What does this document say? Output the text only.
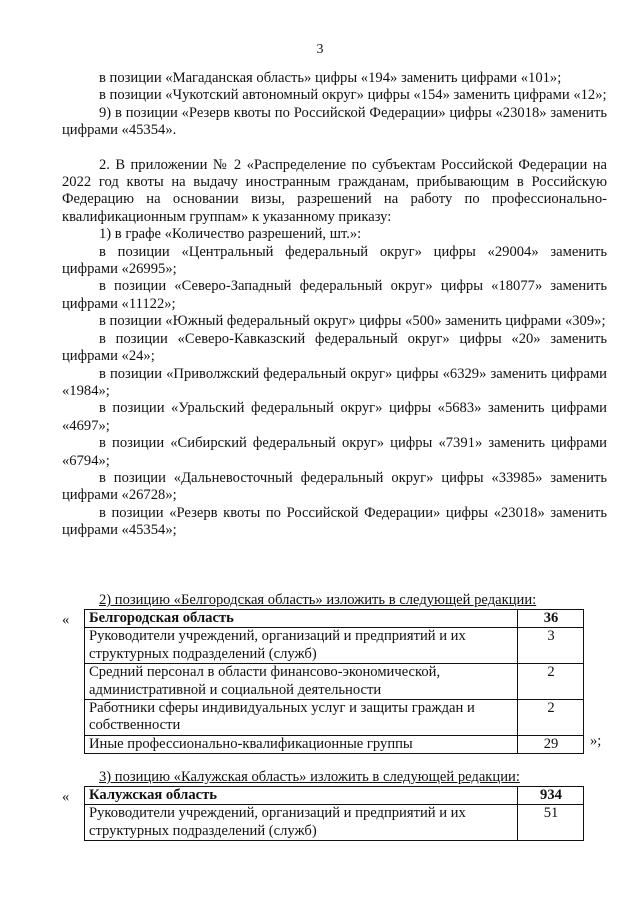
3

в позиции «Магаданская область» цифры «194» заменить цифрами «101»;

в позиции «Чукотский автономный округ» цифры «154» заменить цифрами «12»;

9) в позиции «Резерв квоты по Российской Федерации» цифры «23018» заменить цифрами «45354».

2. В приложении № 2 «Распределение по субъектам Российской Федерации на 2022 год квоты на выдачу иностранным гражданам, прибывающим в Российскую Федерацию на основании визы, разрешений на работу по профессионально-квалификационным группам» к указанному приказу:

1) в графе «Количество разрешений, шт.»:

в позиции «Центральный федеральный округ» цифры «29004» заменить цифрами «26995»;

в позиции «Северо-Западный федеральный округ» цифры «18077» заменить цифрами «11122»;

в позиции «Южный федеральный округ» цифры «500» заменить цифрами «309»;

в позиции «Северо-Кавказский федеральный округ» цифры «20» заменить цифрами «24»;

в позиции «Приволжский федеральный округ» цифры «6329» заменить цифрами «1984»;

в позиции «Уральский федеральный округ» цифры «5683» заменить цифрами «4697»;

в позиции «Сибирский федеральный округ» цифры «7391» заменить цифрами «6794»;

в позиции «Дальневосточный федеральный округ» цифры «33985» заменить цифрами «26728»;

в позиции «Резерв квоты по Российской Федерации» цифры «23018» заменить цифрами «45354»;

2) позицию «Белгородская область» изложить в следующей редакции:

« Белгородская область	36
Руководители учреждений, организаций и предприятий и их структурных подразделений (служб)	3
Средний персонал в области финансово-экономической, административной и социальной деятельности	2
Работники сферы индивидуальных услуг и защиты граждан и собственности	2
Иные профессионально-квалификационные группы	29 »;

3) позицию «Калужская область» изложить в следующей редакции:

« Калужская область	934
Руководители учреждений, организаций и предприятий и их структурных подразделений (служб)	51
